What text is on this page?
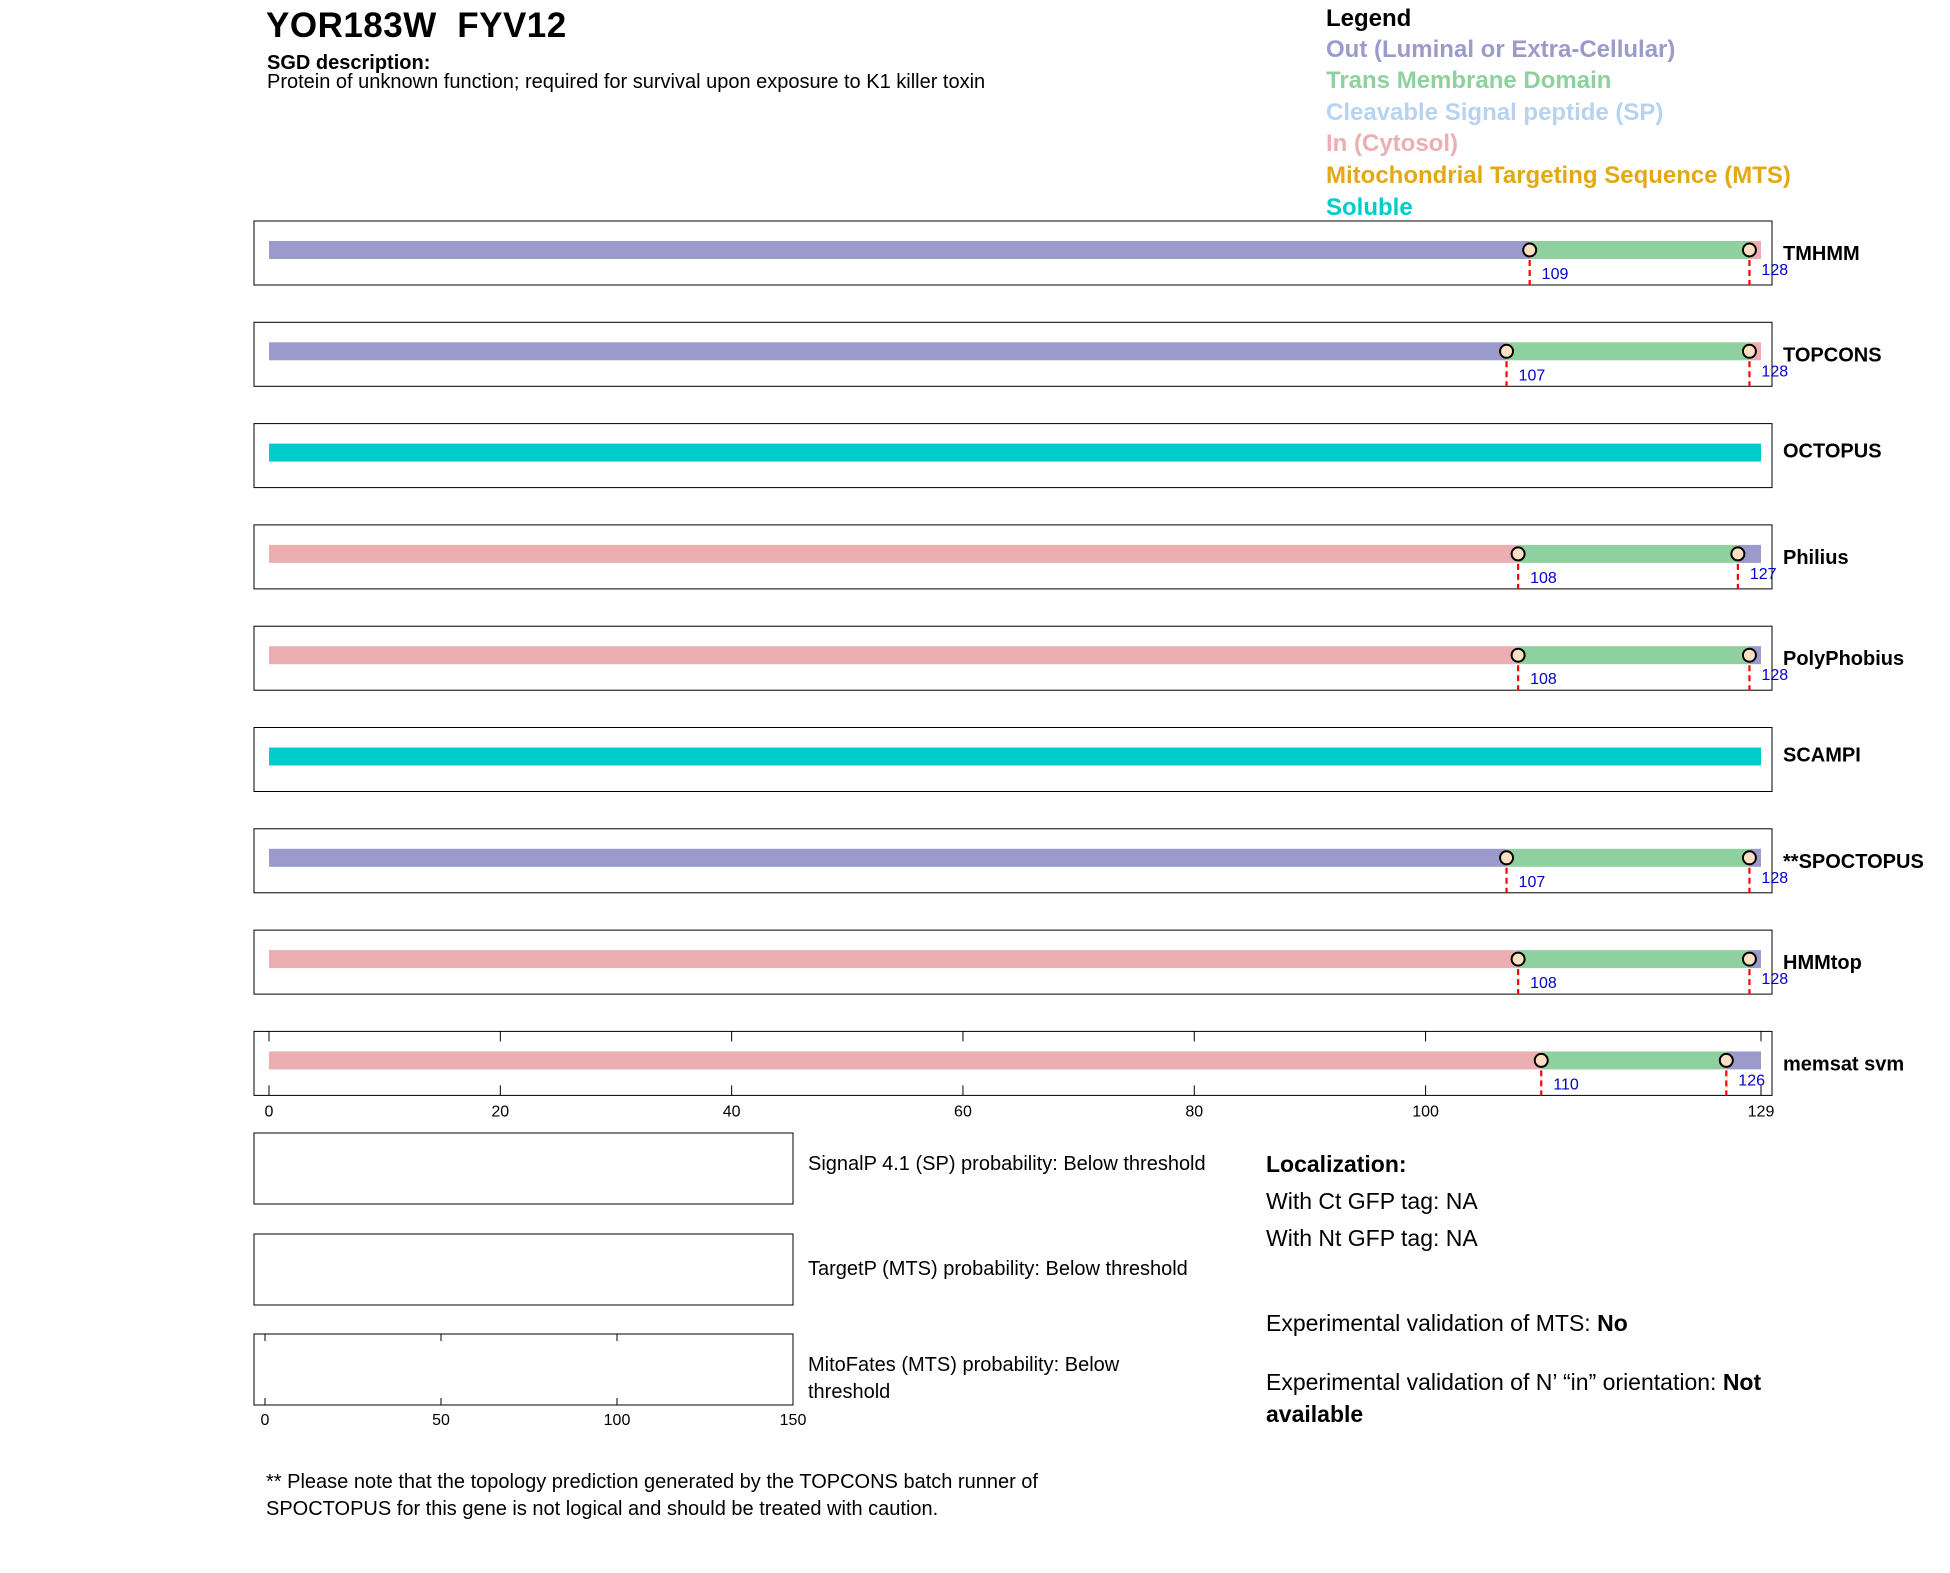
YOR183W FYV12
SGD description:
Protein of unknown function; required for survival upon exposure to K1 killer toxin
Legend
Out (Luminal or Extra-Cellular)
Trans Membrane Domain
Cleavable Signal peptide (SP)
In (Cytosol)
Mitochondrial Targeting Sequence (MTS)
Soluble
109	128
TMHMM
107	128
TOPCONS
OCTOPUS
108	127
Philius
108	128
PolyPhobius
SCAMPI
107	128
**SPOCTOPUS
108	128
HMMtop
110	126
memsat svm
0	20	40	60	80	100	129
0	50	100	150
SignalP 4.1 (SP) probability: Below threshold
TargetP (MTS) probability: Below threshold
MitoFates (MTS) probability: Below
threshold
Localization:
With Ct GFP tag: NA
With Nt GFP tag: NA
Experimental validation of MTS: No
Experimental validation of N’ “in” orientation: Not
available
** Please note that the topology prediction generated by the TOPCONS batch runner of
SPOCTOPUS for this gene is not logical and should be treated with caution.
